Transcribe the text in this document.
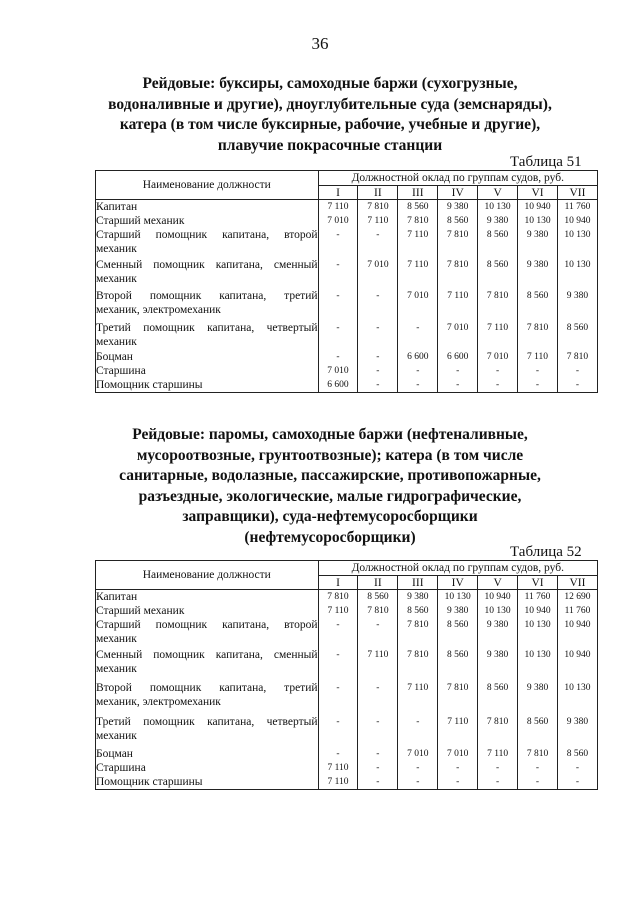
36
Рейдовые: буксиры, самоходные баржи (сухогрузные,
водоналивные и другие), дноуглубительные суда (земснаряды),
катера (в том числе буксирные, рабочие, учебные и другие),
плавучие покрасочные станции
Таблица 51
Наименование должности	Должностной оклад по группам судов, руб.						
	I	II	III	IV	V	VI	VII
Капитан	7 110	7 810	8 560	9 380	10 130	10 940	11 760
Старший механик	7 010	7 110	7 810	8 560	9 380	10 130	10 940
Старший помощник капитана, второй механик	-	-	7 110	7 810	8 560	9 380	10 130
Сменный помощник капитана, сменный механик	-	7 010	7 110	7 810	8 560	9 380	10 130
Второй помощник капитана, третий механик, электромеханик	-	-	7 010	7 110	7 810	8 560	9 380
Третий помощник капитана, четвертый механик	-	-	-	7 010	7 110	7 810	8 560
Боцман	-	-	6 600	6 600	7 010	7 110	7 810
Старшина	7 010	-	-	-	-	-	-
Помощник старшины	6 600	-	-	-	-	-	-
Рейдовые: паромы, самоходные баржи (нефтеналивные,
мусороотвозные, грунтоотвозные); катера (в том числе
санитарные, водолазные, пассажирские, противопожарные,
разъездные, экологические, малые гидрографические,
заправщики), суда-нефтемусоросборщики
(нефтемусоросборщики)
Таблица 52
Наименование должности	Должностной оклад по группам судов, руб.						
	I	II	III	IV	V	VI	VII
Капитан	7 810	8 560	9 380	10 130	10 940	11 760	12 690
Старший механик	7 110	7 810	8 560	9 380	10 130	10 940	11 760
Старший помощник капитана, второй механик	-	-	7 810	8 560	9 380	10 130	10 940
Сменный помощник капитана, сменный механик	-	7 110	7 810	8 560	9 380	10 130	10 940
Второй помощник капитана, третий механик, электромеханик	-	-	7 110	7 810	8 560	9 380	10 130
Третий помощник капитана, четвертый механик	-	-	-	7 110	7 810	8 560	9 380
Боцман	-	-	7 010	7 010	7 110	7 810	8 560
Старшина	7 110	-	-	-	-	-	-
Помощник старшины	7 110	-	-	-	-	-	-
